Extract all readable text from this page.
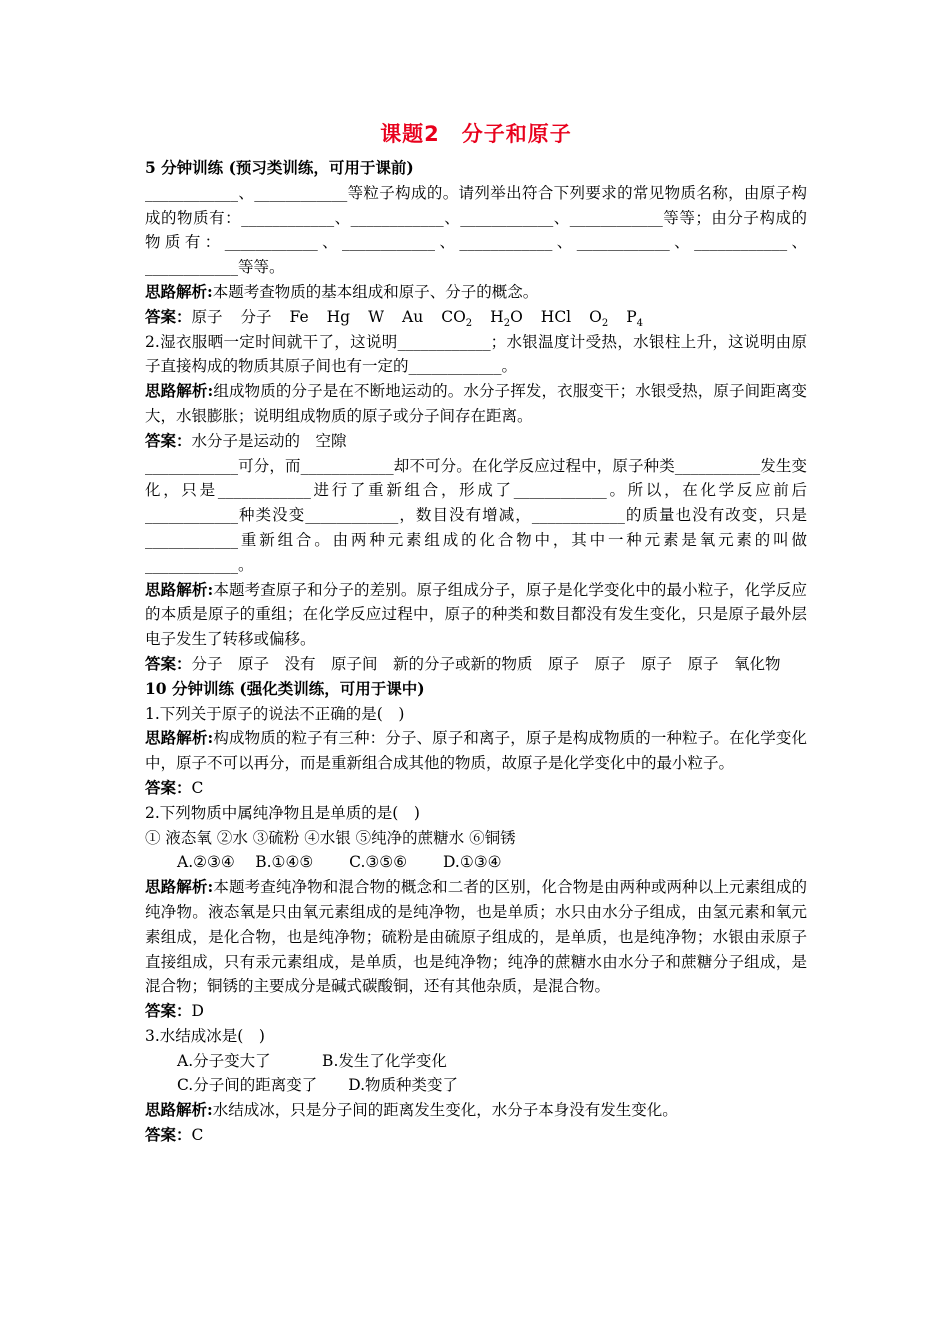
课题2　分子和原子

5 分钟训练 (预习类训练，可用于课前)

____________、____________等粒子构成的。请列举出符合下列要求的常见物质名称，由原子构成的物质有：____________、____________、____________、____________等等；由分子构成的物质有：____________、____________、____________、____________、____________、____________等等。

思路解析:本题考查物质的基本组成和原子、分子的概念。

答案：原子 分子 Fe Hg W Au $CO_2$ $H_2O$ HCl $O_2$ $P_4$

2.湿衣服晒一定时间就干了，这说明____________；水银温度计受热，水银柱上升，这说明由原子直接构成的物质其原子间也有一定的____________。

思路解析:组成物质的分子是在不断地运动的。水分子挥发，衣服变干；水银受热，原子间距离变大，水银膨胀；说明组成物质的原子或分子间存在距离。

答案：水分子是运动的　空隙

____________可分，而____________却不可分。在化学反应过程中，原子种类___________发生变化，只是____________进行了重新组合，形成了____________。所以，在化学反应前后____________种类没变____________，数目没有增减，____________的质量也没有改变，只是____________重新组合。由两种元素组成的化合物中，其中一种元素是氧元素的叫做____________。

思路解析:本题考查原子和分子的差别。原子组成分子，原子是化学变化中的最小粒子，化学反应的本质是原子的重组；在化学反应过程中，原子的种类和数目都没有发生变化，只是原子最外层电子发生了转移或偏移。

答案：分子　原子　没有　原子间　新的分子或新的物质　原子　原子　原子　原子　氧化物

10 分钟训练 (强化类训练，可用于课中)

1.下列关于原子的说法不正确的是(　)

思路解析:构成物质的粒子有三种：分子、原子和离子，原子是构成物质的一种粒子。在化学变化中，原子不可以再分，而是重新组合成其他的物质，故原子是化学变化中的最小粒子。

答案：C

2.下列物质中属纯净物且是单质的是(　)

① 液态氧 ②水 ③硫粉 ④水银 ⑤纯净的蔗糖水 ⑥铜锈

A.②③④　 B.①④⑤　　 C.③⑤⑥　　 D.①③④

思路解析:本题考查纯净物和混合物的概念和二者的区别，化合物是由两种或两种以上元素组成的纯净物。液态氧是只由氧元素组成的是纯净物，也是单质；水只由水分子组成，由氢元素和氧元素组成，是化合物，也是纯净物；硫粉是由硫原子组成的，是单质，也是纯净物；水银由汞原子直接组成，只有汞元素组成，是单质，也是纯净物；纯净的蔗糖水由水分子和蔗糖分子组成，是混合物；铜锈的主要成分是碱式碳酸铜，还有其他杂质，是混合物。

答案：D

3.水结成冰是(　)

A.分子变大了　　　 B.发生了化学变化

C.分子间的距离变了　　D.物质种类变了

思路解析:水结成冰，只是分子间的距离发生变化，水分子本身没有发生变化。

答案：C
